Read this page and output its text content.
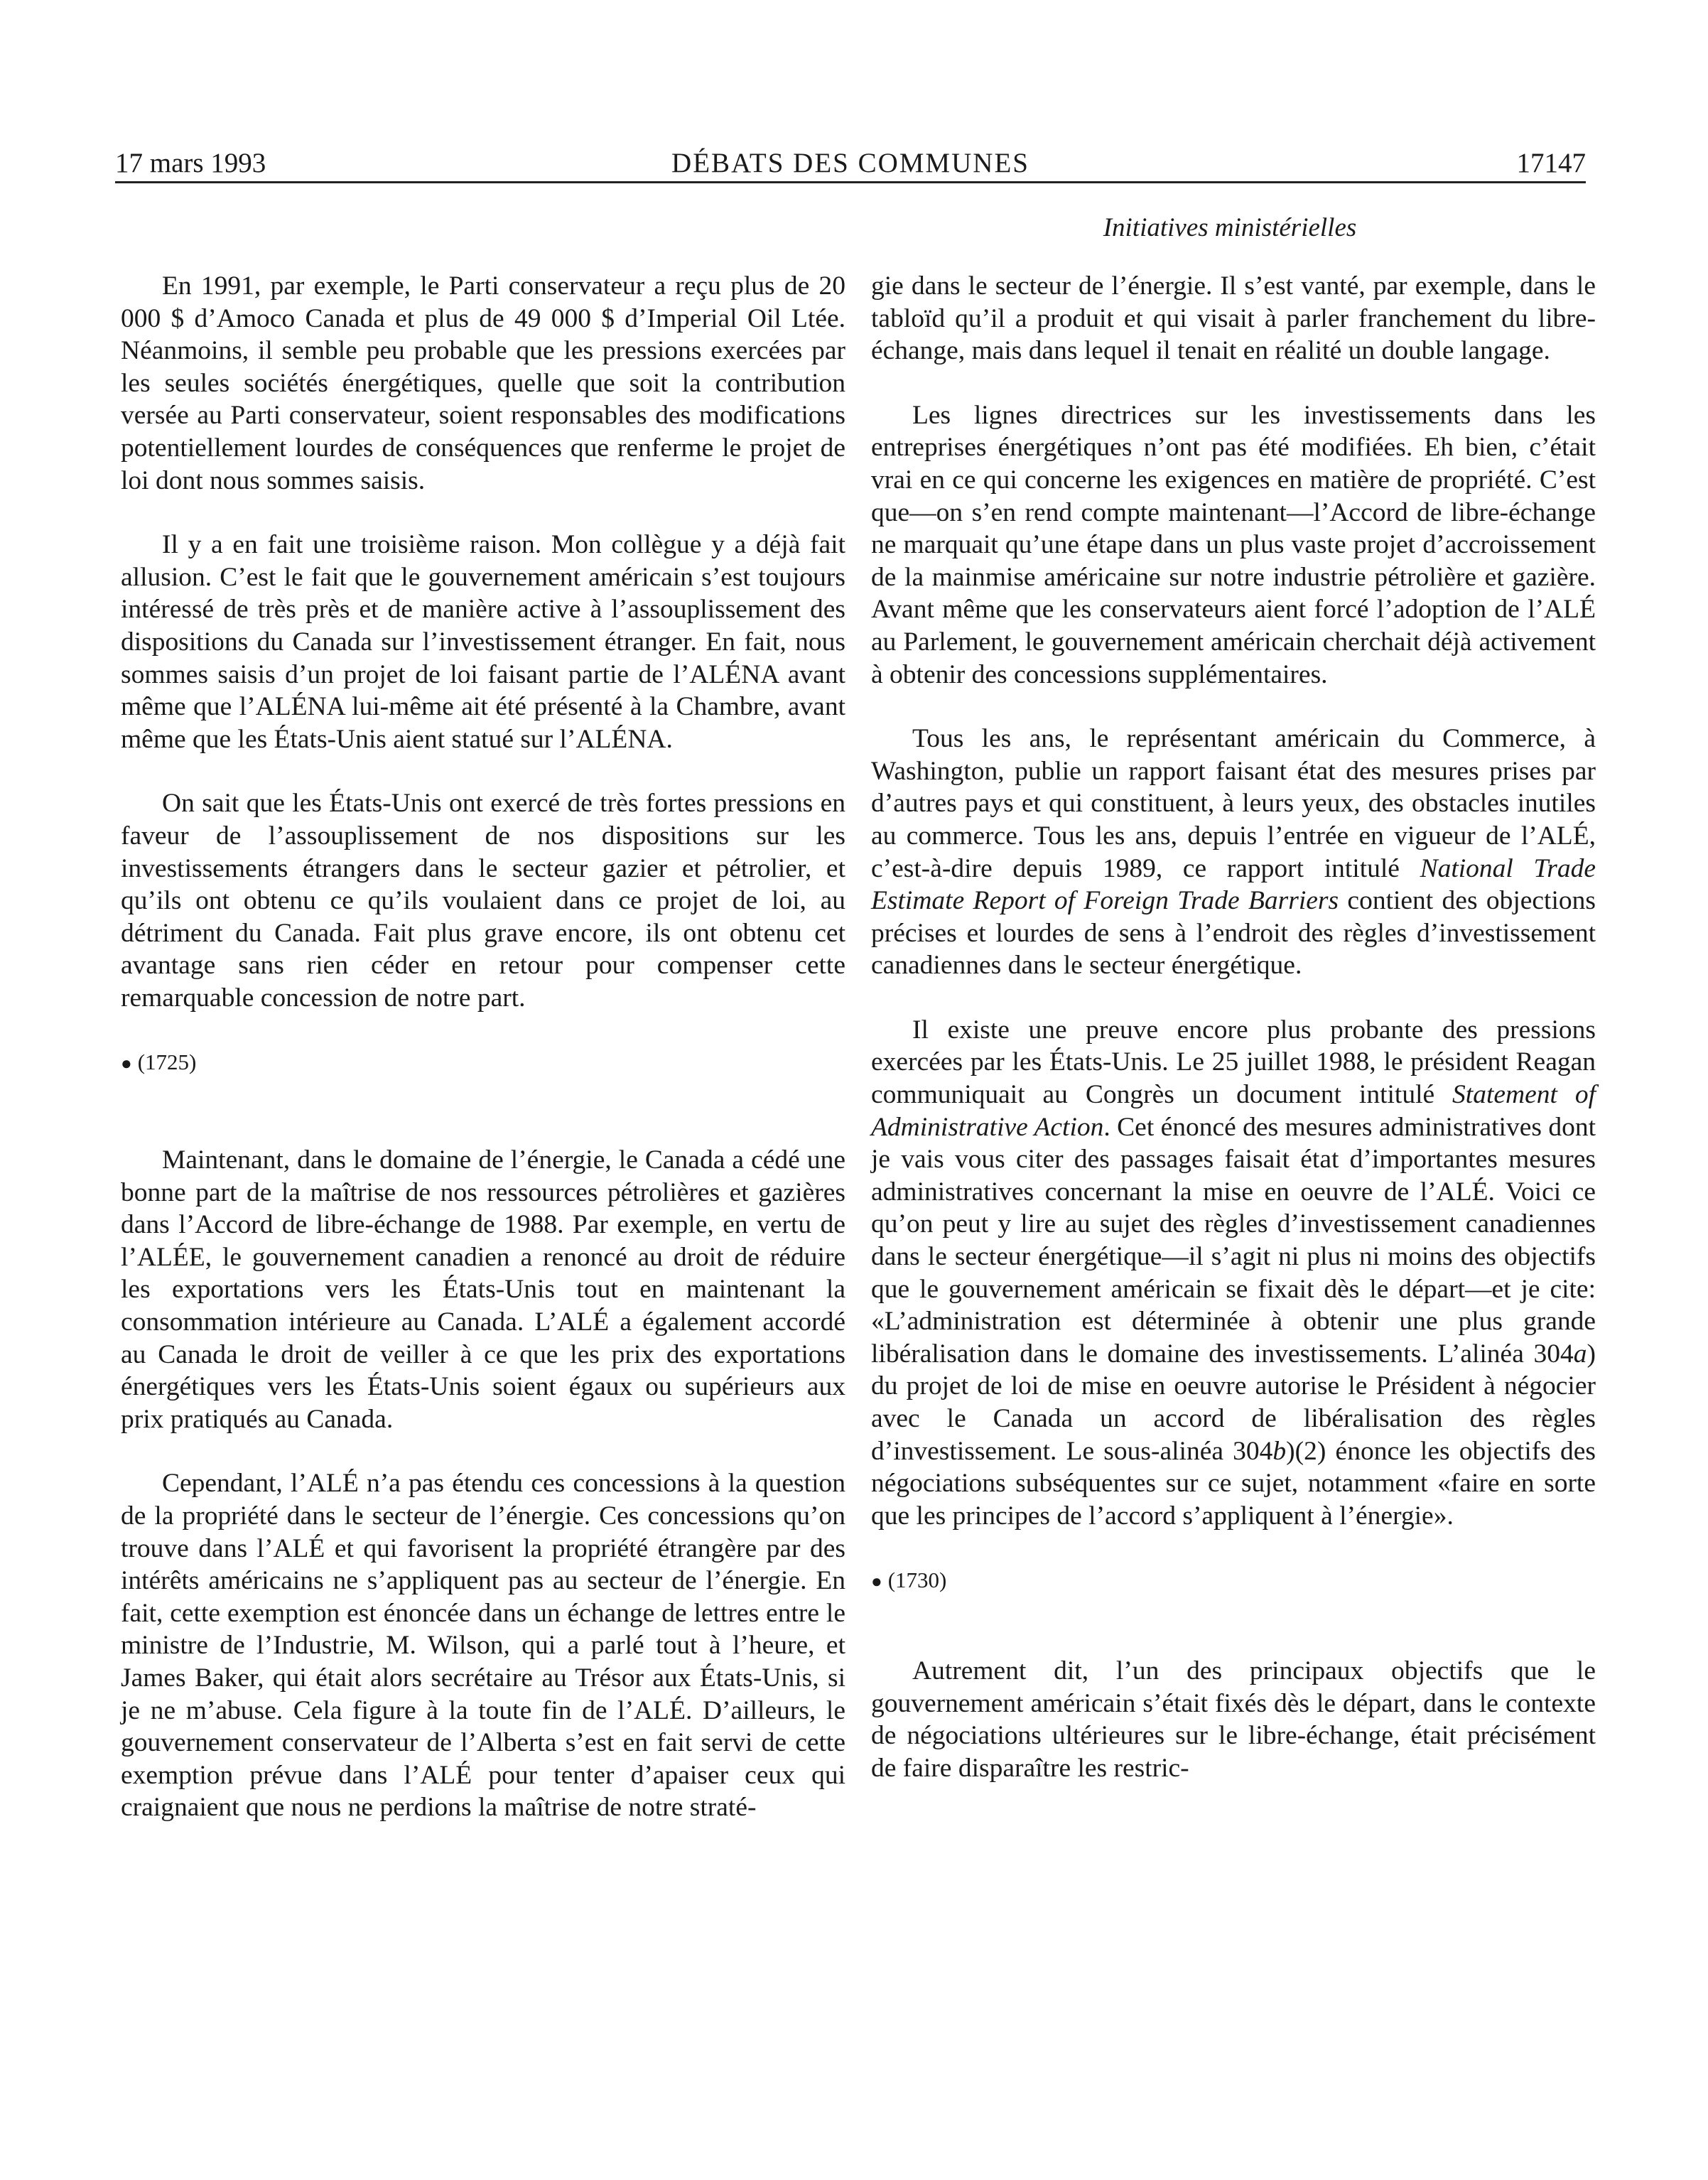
17 mars 1993	DÉBATS DES COMMUNES	17147
Initiatives ministérielles

En 1991, par exemple, le Parti conservateur a reçu plus de 20 000 $ d’Amoco Canada et plus de 49 000 $ d’Imperial Oil Ltée. Néanmoins, il semble peu probable que les pressions exercées par les seules sociétés énergétiques, quelle que soit la contribution versée au Parti conservateur, soient responsables des modifications potentiellement lourdes de conséquences que renferme le projet de loi dont nous sommes saisis.

Il y a en fait une troisième raison. Mon collègue y a déjà fait allusion. C’est le fait que le gouvernement américain s’est toujours intéressé de très près et de manière active à l’assouplissement des dispositions du Canada sur l’investissement étranger. En fait, nous sommes saisis d’un projet de loi faisant partie de l’ALÉNA avant même que l’ALÉNA lui-même ait été présenté à la Chambre, avant même que les États-Unis aient statué sur l’ALÉNA.

On sait que les États-Unis ont exercé de très fortes pressions en faveur de l’assouplissement de nos dispositions sur les investissements étrangers dans le secteur gazier et pétrolier, et qu’ils ont obtenu ce qu’ils voulaient dans ce projet de loi, au détriment du Canada. Fait plus grave encore, ils ont obtenu cet avantage sans rien céder en retour pour compenser cette remarquable concession de notre part.

● (1725)

Maintenant, dans le domaine de l’énergie, le Canada a cédé une bonne part de la maîtrise de nos ressources pétrolières et gazières dans l’Accord de libre-échange de 1988. Par exemple, en vertu de l’ALÉE, le gouvernement canadien a renoncé au droit de réduire les exportations vers les États-Unis tout en maintenant la consommation intérieure au Canada. L’ALÉ a également accordé au Canada le droit de veiller à ce que les prix des exportations énergétiques vers les États-Unis soient égaux ou supérieurs aux prix pratiqués au Canada.

Cependant, l’ALÉ n’a pas étendu ces concessions à la question de la propriété dans le secteur de l’énergie. Ces concessions qu’on trouve dans l’ALÉ et qui favorisent la propriété étrangère par des intérêts américains ne s’appliquent pas au secteur de l’énergie. En fait, cette exemption est énoncée dans un échange de lettres entre le ministre de l’Industrie, M. Wilson, qui a parlé tout à l’heure, et James Baker, qui était alors secrétaire au Trésor aux États-Unis, si je ne m’abuse. Cela figure à la toute fin de l’ALÉ. D’ailleurs, le gouvernement conservateur de l’Alberta s’est en fait servi de cette exemption prévue dans l’ALÉ pour tenter d’apaiser ceux qui craignaient que nous ne perdions la maîtrise de notre straté-

gie dans le secteur de l’énergie. Il s’est vanté, par exemple, dans le tabloïd qu’il a produit et qui visait à parler franchement du libre-échange, mais dans lequel il tenait en réalité un double langage.

Les lignes directrices sur les investissements dans les entreprises énergétiques n’ont pas été modifiées. Eh bien, c’était vrai en ce qui concerne les exigences en matière de propriété. C’est que—on s’en rend compte maintenant—l’Accord de libre-échange ne marquait qu’une étape dans un plus vaste projet d’accroissement de la mainmise américaine sur notre industrie pétrolière et gazière. Avant même que les conservateurs aient forcé l’adoption de l’ALÉ au Parlement, le gouvernement américain cherchait déjà activement à obtenir des concessions supplémentaires.

Tous les ans, le représentant américain du Commerce, à Washington, publie un rapport faisant état des mesures prises par d’autres pays et qui constituent, à leurs yeux, des obstacles inutiles au commerce. Tous les ans, depuis l’entrée en vigueur de l’ALÉ, c’est-à-dire depuis 1989, ce rapport intitulé National Trade Estimate Report of Foreign Trade Barriers contient des objections précises et lourdes de sens à l’endroit des règles d’investissement canadiennes dans le secteur énergétique.

Il existe une preuve encore plus probante des pressions exercées par les États-Unis. Le 25 juillet 1988, le président Reagan communiquait au Congrès un document intitulé Statement of Administrative Action. Cet énoncé des mesures administratives dont je vais vous citer des passages faisait état d’importantes mesures administratives concernant la mise en oeuvre de l’ALÉ. Voici ce qu’on peut y lire au sujet des règles d’investissement canadiennes dans le secteur énergétique—il s’agit ni plus ni moins des objectifs que le gouvernement américain se fixait dès le départ—et je cite: «L’administration est déterminée à obtenir une plus grande libéralisation dans le domaine des investissements. L’alinéa 304a) du projet de loi de mise en oeuvre autorise le Président à négocier avec le Canada un accord de libéralisation des règles d’investissement. Le sous-alinéa 304b)(2) énonce les objectifs des négociations subséquentes sur ce sujet, notamment «faire en sorte que les principes de l’accord s’appliquent à l’énergie».

● (1730)

Autrement dit, l’un des principaux objectifs que le gouvernement américain s’était fixés dès le départ, dans le contexte de négociations ultérieures sur le libre-échange, était précisément de faire disparaître les restric-
